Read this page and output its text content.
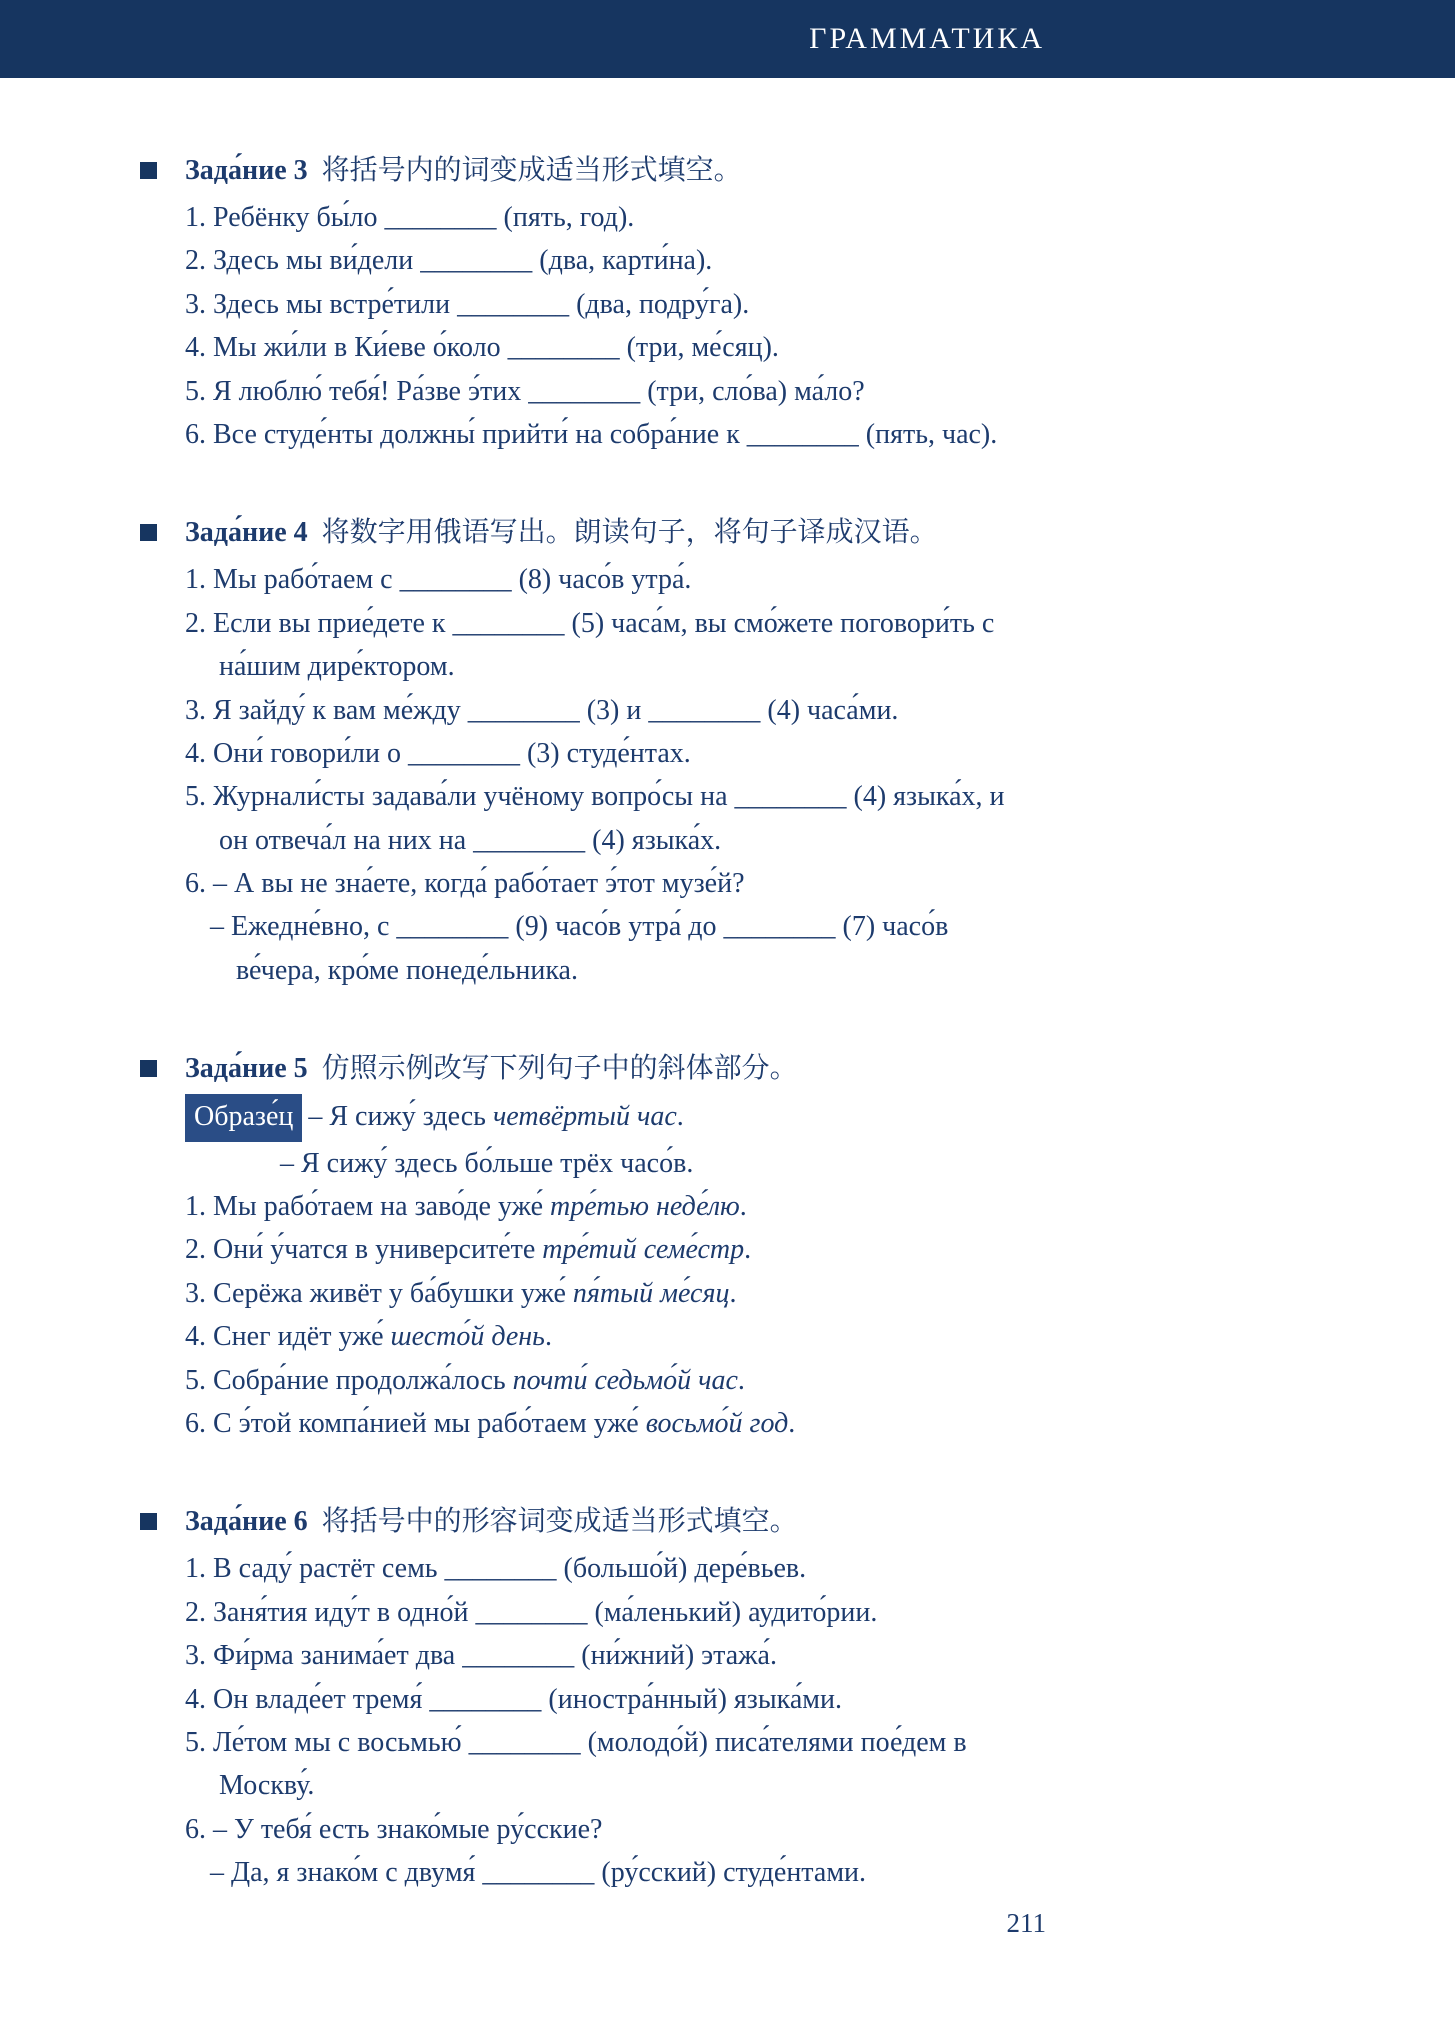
ГРАММАТИКА
Зада́ние 3 将括号内的词变成适当形式填空。
1. Ребёнку бы́ло ________ (пять, год).
2. Здесь мы ви́дели ________ (два, карти́на).
3. Здесь мы встре́тили ________ (два, подру́га).
4. Мы жи́ли в Ки́еве о́коло ________ (три, ме́сяц).
5. Я люблю́ тебя́! Ра́зве э́тих ________ (три, сло́ва) ма́ло?
6. Все студе́нты должны́ прийти́ на собра́ние к ________ (пять, час).
Зада́ние 4 将数字用俄语写出。朗读句子，将句子译成汉语。
1. Мы рабо́таем с ________ (8) часо́в утра́.
2. Если вы прие́дете к ________ (5) часа́м, вы смо́жете поговори́ть с на́шим дире́ктором.
3. Я зайду́ к вам ме́жду ________ (3) и ________ (4) часа́ми.
4. Они́ говори́ли о ________ (3) студе́нтах.
5. Журнали́сты задава́ли учёному вопро́сы на ________ (4) языка́х, и он отвеча́л на них на ________ (4) языка́х.
6. – А вы не зна́ете, когда́ рабо́тает э́тот музе́й?
– Ежедне́вно, с ________ (9) часо́в утра́ до ________ (7) часо́в ве́чера, кро́ме понеде́льника.
Зада́ние 5 仿照示例改写下列句子中的斜体部分。
Образе́ц – Я сижу́ здесь четвёртый час.
– Я сижу́ здесь бо́льше трёх часо́в.
1. Мы рабо́таем на заво́де уже́ тре́тью неде́лю.
2. Они́ у́чатся в университе́те тре́тий семе́стр.
3. Серёжа живёт у ба́бушки уже́ пя́тый ме́сяц.
4. Снег идёт уже́ шесто́й день.
5. Собра́ние продолжа́лось почти́ седьмо́й час.
6. С э́той компа́нией мы рабо́таем уже́ восьмо́й год.
Зада́ние 6 将括号中的形容词变成适当形式填空。
1. В саду́ растёт семь ________ (большо́й) дере́вьев.
2. Заня́тия иду́т в одно́й ________ (ма́ленький) аудито́рии.
3. Фи́рма занима́ет два ________ (ни́жний) этажа́.
4. Он владе́ет тремя́ ________ (иностра́нный) языка́ми.
5. Ле́том мы с восьмью́ ________ (молодо́й) писа́телями пое́дем в Москву́.
6. – У тебя́ есть знако́мые ру́сские?
– Да, я знако́м с двумя́ ________ (ру́сский) студе́нтами.
211
